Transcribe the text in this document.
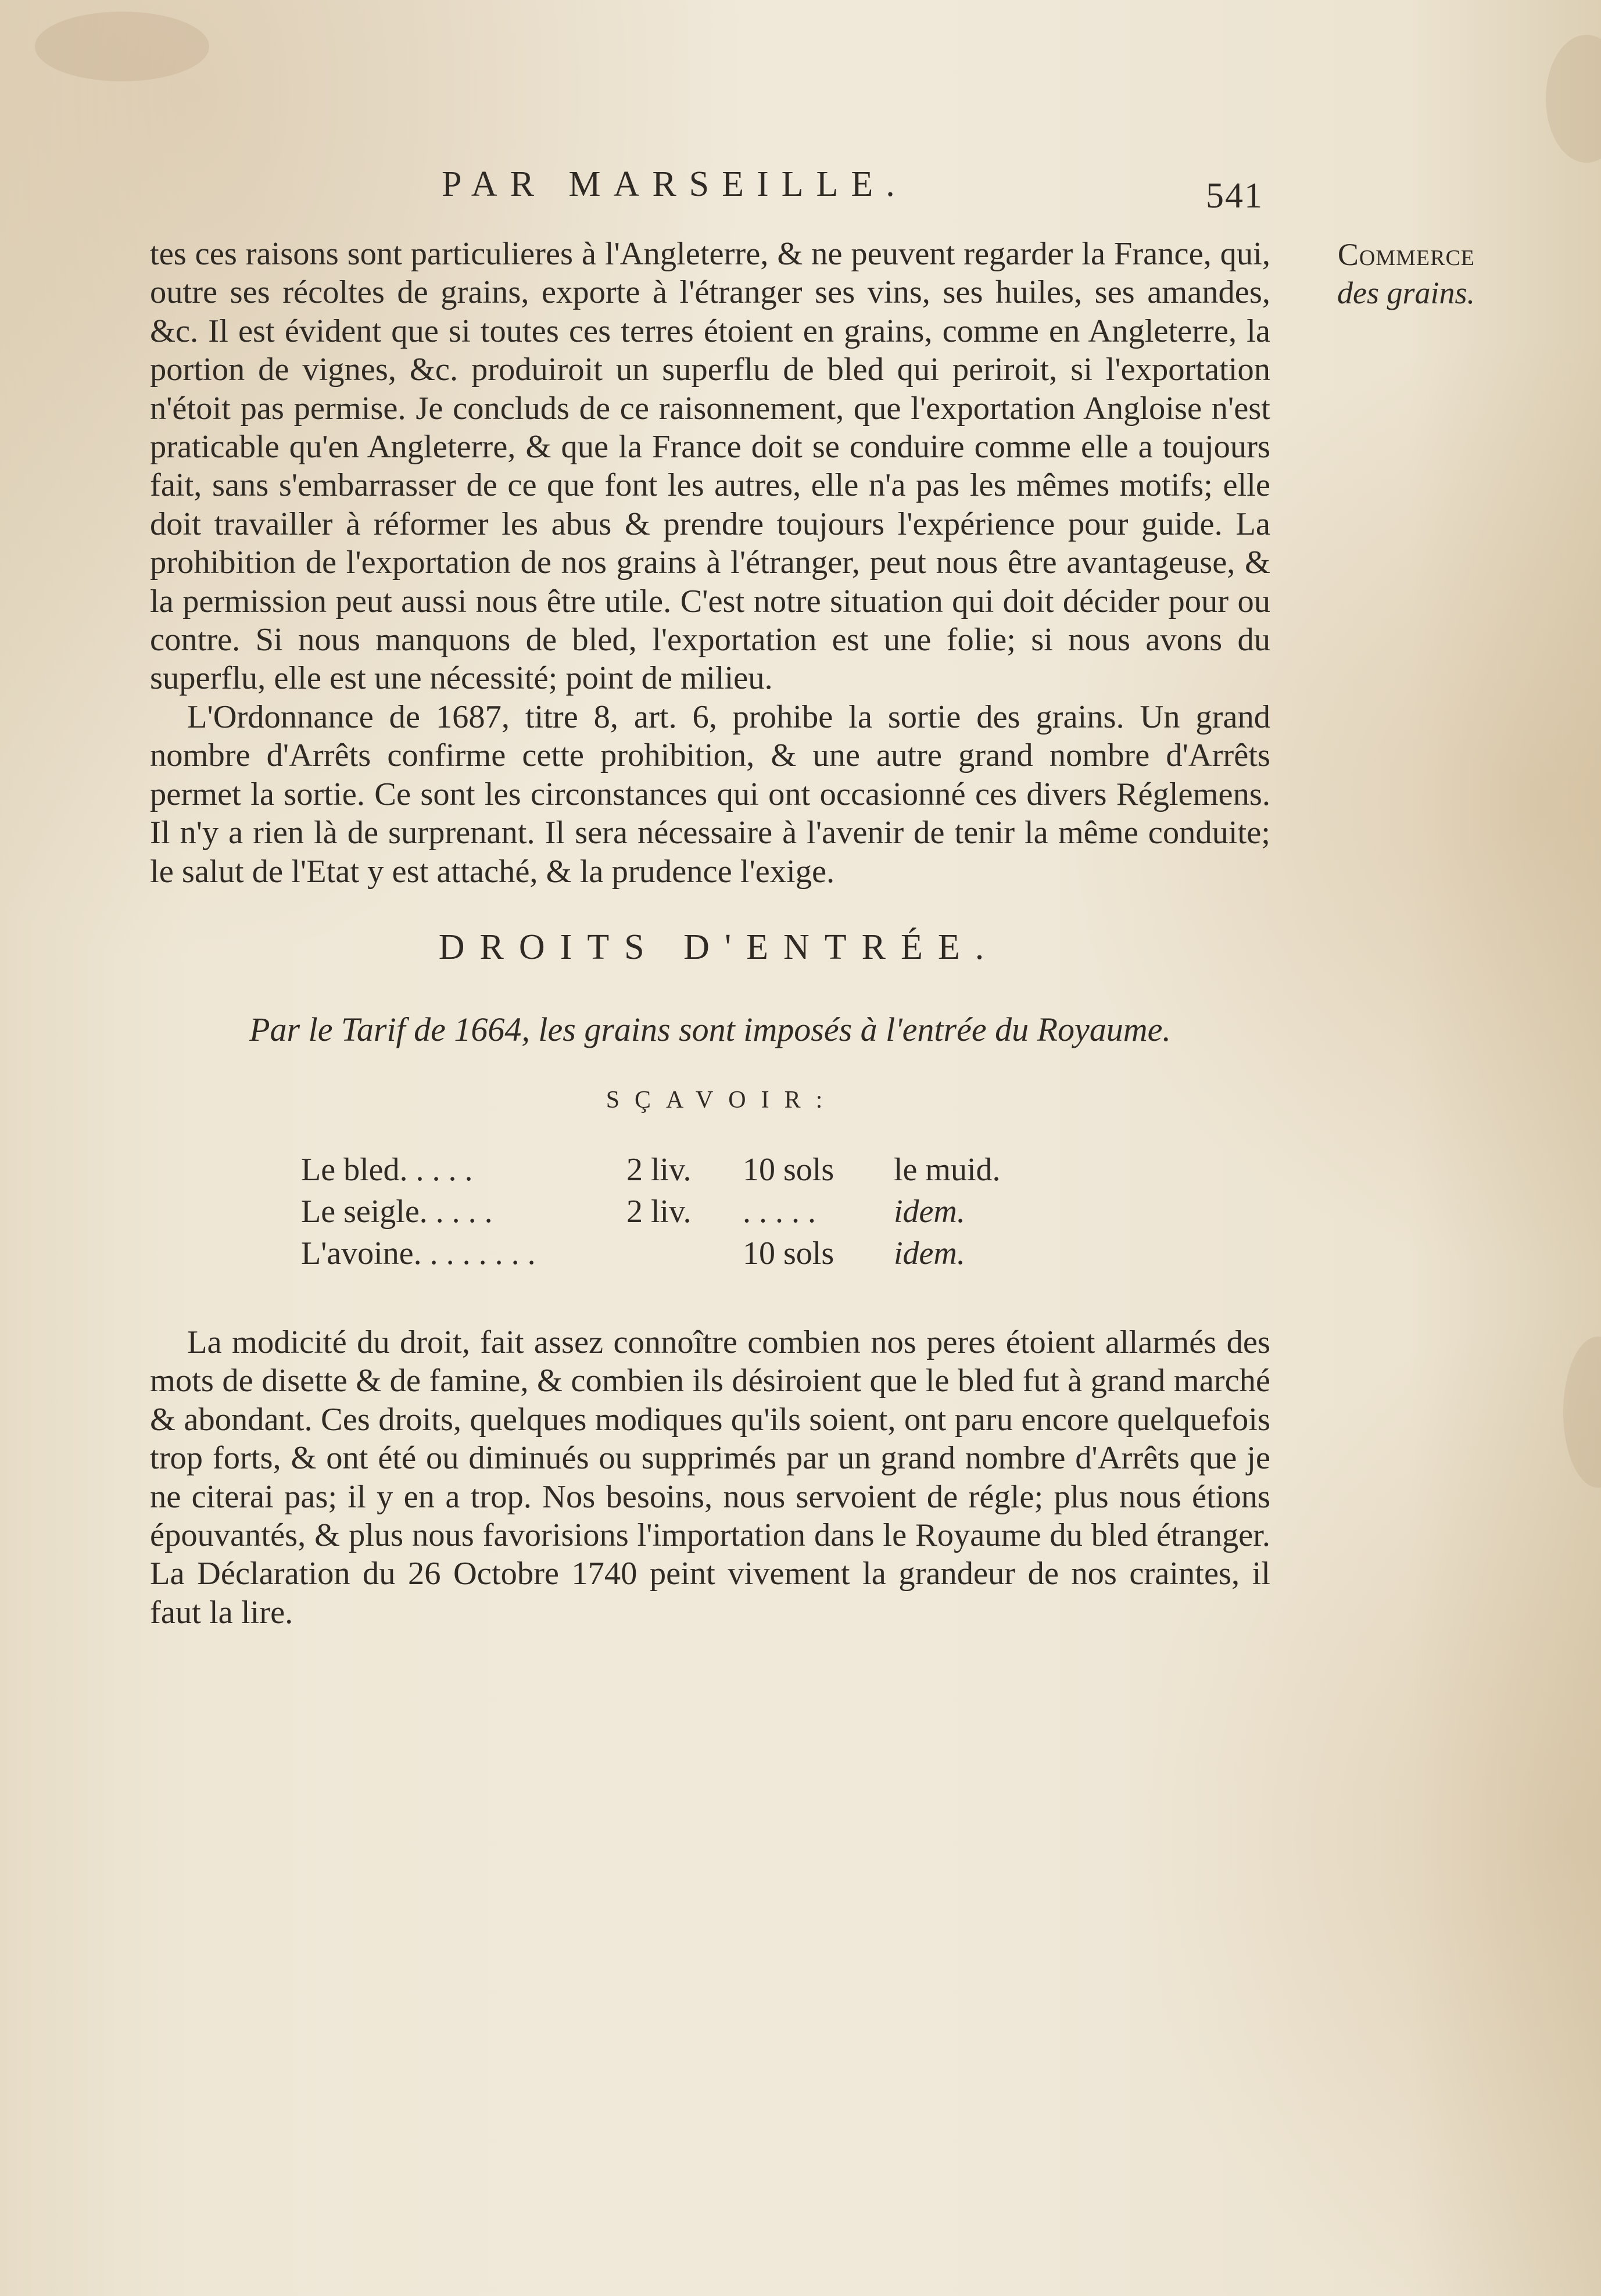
PAR MARSEILLE.	541
Commerce
des grains.

tes ces raisons sont particulieres à l'Angleterre, & ne peuvent regarder la France, qui, outre ses récoltes de grains, exporte à l'étranger ses vins, ses huiles, ses amandes, &c. Il est évident que si toutes ces terres étoient en grains, comme en Angleterre, la portion de vignes, &c. produiroit un superflu de bled qui periroit, si l'exportation n'étoit pas permise. Je concluds de ce raisonnement, que l'exportation Angloise n'est praticable qu'en Angleterre, & que la France doit se conduire comme elle a toujours fait, sans s'embarrasser de ce que font les autres, elle n'a pas les mêmes motifs; elle doit travailler à réformer les abus & prendre toujours l'expérience pour guide. La prohibition de l'exportation de nos grains à l'étranger, peut nous être avantageuse, & la permission peut aussi nous être utile. C'est notre situation qui doit décider pour ou contre. Si nous manquons de bled, l'exportation est une folie; si nous avons du superflu, elle est une nécessité; point de milieu.

L'Ordonnance de 1687, titre 8, art. 6, prohibe la sortie des grains. Un grand nombre d'Arrêts confirme cette prohibition, & une autre grand nombre d'Arrêts permet la sortie. Ce sont les circonstances qui ont occasionné ces divers Réglemens. Il n'y a rien là de surprenant. Il sera nécessaire à l'avenir de tenir la même conduite; le salut de l'Etat y est attaché, & la prudence l'exige.

DROITS D'ENTRÉE.
Par le Tarif de 1664, les grains sont imposés à l'entrée du Royaume.
SÇAVOIR:
Le bled. . . . .	2 liv.	10 sols	le muid.
Le seigle. . . . .	2 liv.	. . . . .	idem.
L'avoine. . . . . . . .		10 sols	idem.

La modicité du droit, fait assez connoître combien nos peres étoient allarmés des mots de disette & de famine, & combien ils désiroient que le bled fut à grand marché & abondant. Ces droits, quelques modiques qu'ils soient, ont paru encore quelquefois trop forts, & ont été ou diminués ou supprimés par un grand nombre d'Arrêts que je ne citerai pas; il y en a trop. Nos besoins, nous servoient de régle; plus nous étions épouvantés, & plus nous favorisions l'importation dans le Royaume du bled étranger. La Déclaration du 26 Octobre 1740 peint vivement la grandeur de nos craintes, il faut la lire.
